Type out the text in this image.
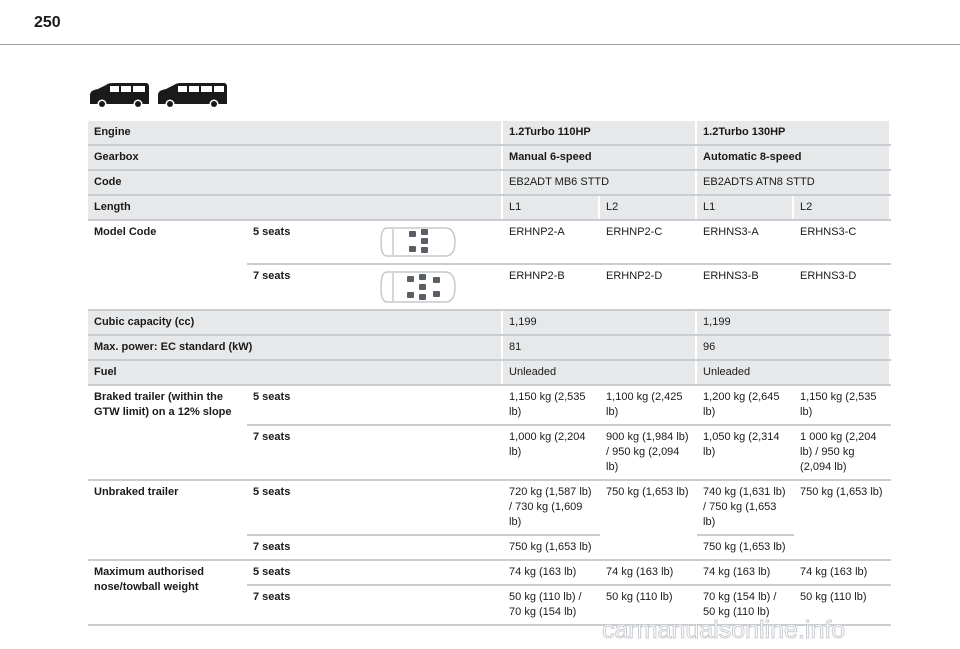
250
Engine			1.2Turbo 110HP		1.2Turbo 130HP	
Gearbox			Manual 6-speed		Automatic 8-speed	
Code			EB2ADT MB6 STTD		EB2ADTS ATN8 STTD	
Length			L1	L2	L1	L2
Model Code	5 seats		ERHNP2-A	ERHNP2-C	ERHNS3-A	ERHNS3-C
	7 seats		ERHNP2-B	ERHNP2-D	ERHNS3-B	ERHNS3-D
Cubic capacity (cc)			1,199		1,199	
Max. power: EC standard (kW)			81		96	
Fuel			Unleaded		Unleaded	
Braked trailer (within the GTW limit) on a 12% slope	5 seats		1,150 kg (2,535 lb)	1,100 kg (2,425 lb)	1,200 kg (2,645 lb)	1,150 kg (2,535 lb)
	7 seats		1,000 kg (2,204 lb)	900 kg (1,984 lb) / 950 kg (2,094 lb)	1,050 kg (2,314 lb)	1 000 kg (2,204 lb) / 950 kg (2,094 lb)
Unbraked trailer	5 seats		720 kg (1,587 lb) / 730 kg (1,609 lb)	750 kg (1,653 lb)	740 kg (1,631 lb) / 750 kg (1,653 lb)	750 kg (1,653 lb)
	7 seats		750 kg (1,653 lb)		750 kg (1,653 lb)	
Maximum authorised nose/towball weight	5 seats		74 kg (163 lb)	74 kg (163 lb)	74 kg (163 lb)	74 kg (163 lb)
	7 seats		50 kg (110 lb) / 70 kg (154 lb)	50 kg (110 lb)	70 kg (154 lb) / 50 kg (110 lb)	50 kg (110 lb)
carmanualsonline.info
